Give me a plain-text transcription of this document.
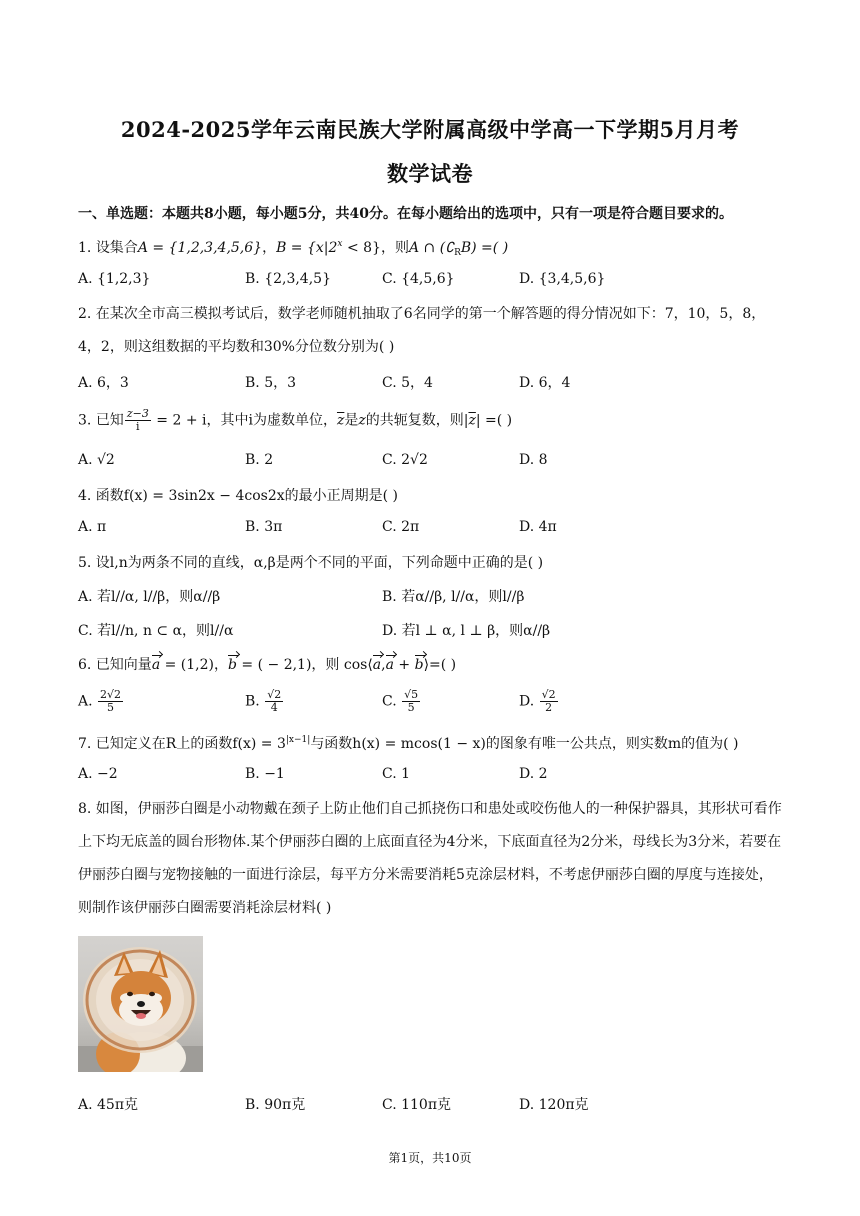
2024-2025学年云南民族大学附属高级中学高一下学期5月月考
数学试卷
一、单选题：本题共8小题，每小题5分，共40分。在每小题给出的选项中，只有一项是符合题目要求的。
1. 设集合A = {1,2,3,4,5,6}，$B = \{x|2^x < 8\}$，则A ∩ $(∁_RB)$ =( )
A. {1,2,3}	B. {2,3,4,5}	C. {4,5,6}	D. {3,4,5,6}
2. 在某次全市高三模拟考试后，数学老师随机抽取了6名同学的第一个解答题的得分情况如下：7，10，5，8，4，2，则这组数据的平均数和30%分位数分别为( )
A. 6，3	B. 5，3	C. 5，4	D. 6，4
3. 已知 $\frac{z-3}{i} = 2 + i$，其中i为虚数单位，$\overline{z}$是z的共轭复数，则$|\overline{z}|$ =( )
A. √2	B. 2	C. 2√2	D. 8
4. 函数f(x) = 3sin2x − 4cos2x的最小正周期是( )
A. π	B. 3π	C. 2π	D. 4π
5. 设l,n为两条不同的直线，α,β是两个不同的平面，下列命题中正确的是( )
A. 若l//α, l//β，则α//β	B. 若α//β, l//α，则l//β
C. 若l//n, n ⊂ α，则l//α	D. 若l ⊥ α, l ⊥ β，则α//β
6. 已知向量a = (1,2)，b = ( − 2,1)，则 cos⟨a,a + b⟩=( )
A. $\frac{2√2}{5}$	B. $\frac{√2}{4}$	C. $\frac{√5}{5}$	D. $\frac{√2}{2}$
7. 已知定义在R上的函数$f(x) = 3^{|x-1|}$与函数h(x) = mcos(1 − x)的图象有唯一公共点，则实数m的值为( )
A. −2	B. −1	C. 1	D. 2
8. 如图，伊丽莎白圈是小动物戴在颈子上防止他们自己抓挠伤口和患处或咬伤他人的一种保护器具，其形状可看作上下均无底盖的圆台形物体.某个伊丽莎白圈的上底面直径为4分米，下底面直径为2分米，母线长为3分米，若要在伊丽莎白圈与宠物接触的一面进行涂层，每平方分米需要消耗5克涂层材料，不考虑伊丽莎白圈的厚度与连接处，则制作该伊丽莎白圈需要消耗涂层材料( )
A. 45π克	B. 90π克	C. 110π克	D. 120π克
第1页，共10页
